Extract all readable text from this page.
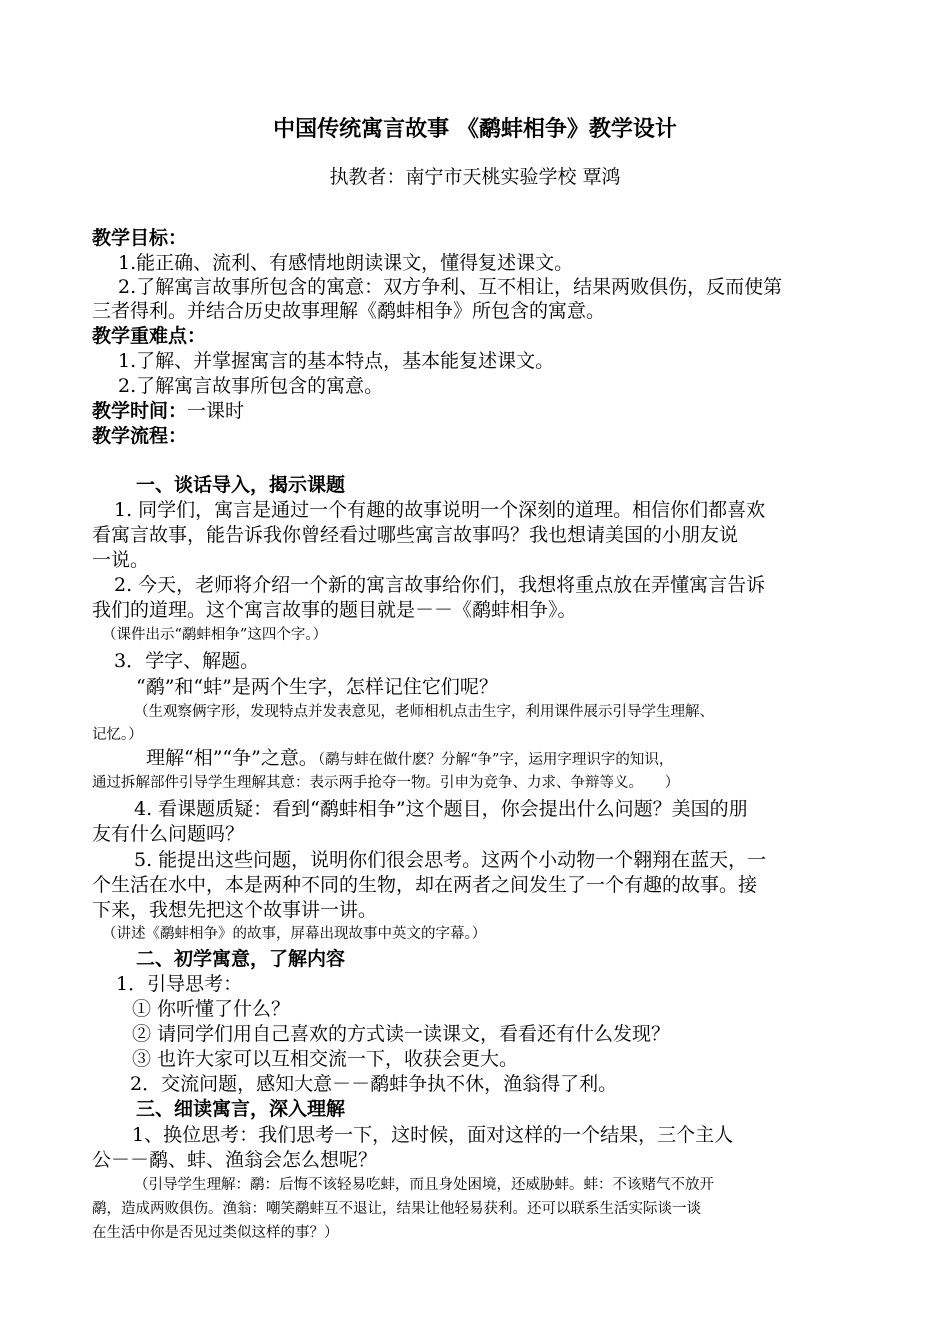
中国传统寓言故事 《鹬蚌相争》教学设计
执教者：南宁市天桃实验学校 覃鸿
教学目标：
1.能正确、流利、有感情地朗读课文，懂得复述课文。
2.了解寓言故事所包含的寓意：双方争利、互不相让，结果两败俱伤，反而使第
三者得利。并结合历史故事理解《鹬蚌相争》所包含的寓意。
教学重难点：
1.了解、并掌握寓言的基本特点，基本能复述课文。
2.了解寓言故事所包含的寓意。
教学时间：一课时
教学流程：
一、谈话导入，揭示课题
1. 同学们，寓言是通过一个有趣的故事说明一个深刻的道理。相信你们都喜欢
看寓言故事，能告诉我你曾经看过哪些寓言故事吗？我也想请美国的小朋友说
一说。
2. 今天，老师将介绍一个新的寓言故事给你们，我想将重点放在弄懂寓言告诉
我们的道理。这个寓言故事的题目就是－－《鹬蚌相争》。
（课件出示“鹬蚌相争”这四个字。）
3．学字、解题。
“鹬”和“蚌”是两个生字，怎样记住它们呢？
（生观察俩字形，发现特点并发表意见，老师相机点击生字，利用课件展示引导学生理解、
记忆。）
理解“相”“争”之意。（鹬与蚌在做什麽？分解“争”字，运用字理识字的知识，
通过拆解部件引导学生理解其意：表示两手抢夺一物。引申为竞争、力求、争辩等义。　　）
4. 看课题质疑：看到“鹬蚌相争”这个题目，你会提出什么问题？美国的朋
友有什么问题吗？
5. 能提出这些问题，说明你们很会思考。这两个小动物一个翱翔在蓝天，一
个生活在水中，本是两种不同的生物，却在两者之间发生了一个有趣的故事。接
下来，我想先把这个故事讲一讲。
（讲述《鹬蚌相争》的故事，屏幕出现故事中英文的字幕。）
二、初学寓意，了解内容
1．引导思考：
① 你听懂了什么？
② 请同学们用自己喜欢的方式读一读课文，看看还有什么发现？
③ 也许大家可以互相交流一下，收获会更大。
2．交流问题，感知大意－－鹬蚌争执不休，渔翁得了利。
三、细读寓言，深入理解
1、换位思考：我们思考一下，这时候，面对这样的一个结果，三个主人
公－－鹬、蚌、渔翁会怎么想呢？
（引导学生理解：鹬：后悔不该轻易吃蚌，而且身处困境，还威胁蚌。蚌：不该赌气不放开
鹬，造成两败俱伤。渔翁：嘲笑鹬蚌互不退让，结果让他轻易获利。还可以联系生活实际谈一谈
在生活中你是否见过类似这样的事？）
